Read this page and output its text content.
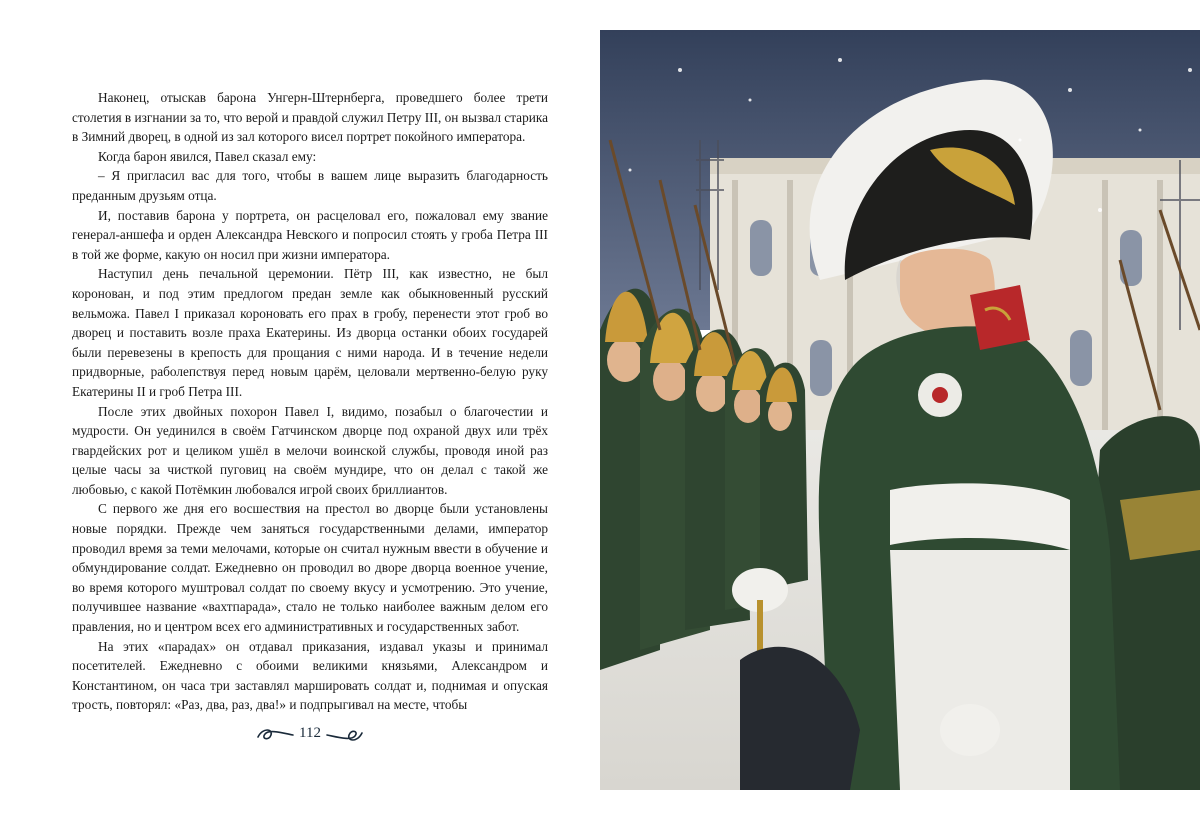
Наконец, отыскав барона Унгерн-Штернберга, проведшего более трети столетия в изгнании за то, что верой и правдой служил Петру III, он вызвал старика в Зимний дворец, в одной из зал которого висел портрет покойного императора.

Когда барон явился, Павел сказал ему:

– Я пригласил вас для того, чтобы в вашем лице выразить благодарность преданным друзьям отца.

И, поставив барона у портрета, он расцеловал его, пожаловал ему звание генерал-аншефа и орден Александра Невского и попросил стоять у гроба Петра III в той же форме, какую он носил при жизни императора.

Наступил день печальной церемонии. Пётр III, как известно, не был коронован, и под этим предлогом предан земле как обыкновенный русский вельможа. Павел I приказал короновать его прах в гробу, перенести этот гроб во дворец и поставить возле праха Екатерины. Из дворца останки обоих государей были перевезены в крепость для прощания с ними народа. И в течение недели придворные, раболепствуя перед новым царём, целовали мертвенно-белую руку Екатерины II и гроб Петра III.

После этих двойных похорон Павел I, видимо, позабыл о благочестии и мудрости. Он уединился в своём Гатчинском дворце под охраной двух или трёх гвардейских рот и целиком ушёл в мелочи воинской службы, проводя иной раз целые часы за чисткой пуговиц на своём мундире, что он делал с такой же любовью, с какой Потёмкин любовался игрой своих бриллиантов.

С первого же дня его восшествия на престол во дворце были установлены новые порядки. Прежде чем заняться государственными делами, император проводил время за теми мелочами, которые он считал нужным ввести в обучение и обмундирование солдат. Ежедневно он проводил во дворе дворца военное учение, во время которого муштровал солдат по своему вкусу и усмотрению. Это учение, получившее название «вахтпарада», стало не только наиболее важным делом его правления, но и центром всех его административных и государственных забот.

На этих «парадах» он отдавал приказания, издавал указы и принимал посетителей. Ежедневно с обоими великими князьями, Александром и Константином, он часа три заставлял маршировать солдат и, поднимая и опуская трость, повторял: «Раз, два, раз, два!» и подпрыгивал на месте, чтобы

112
